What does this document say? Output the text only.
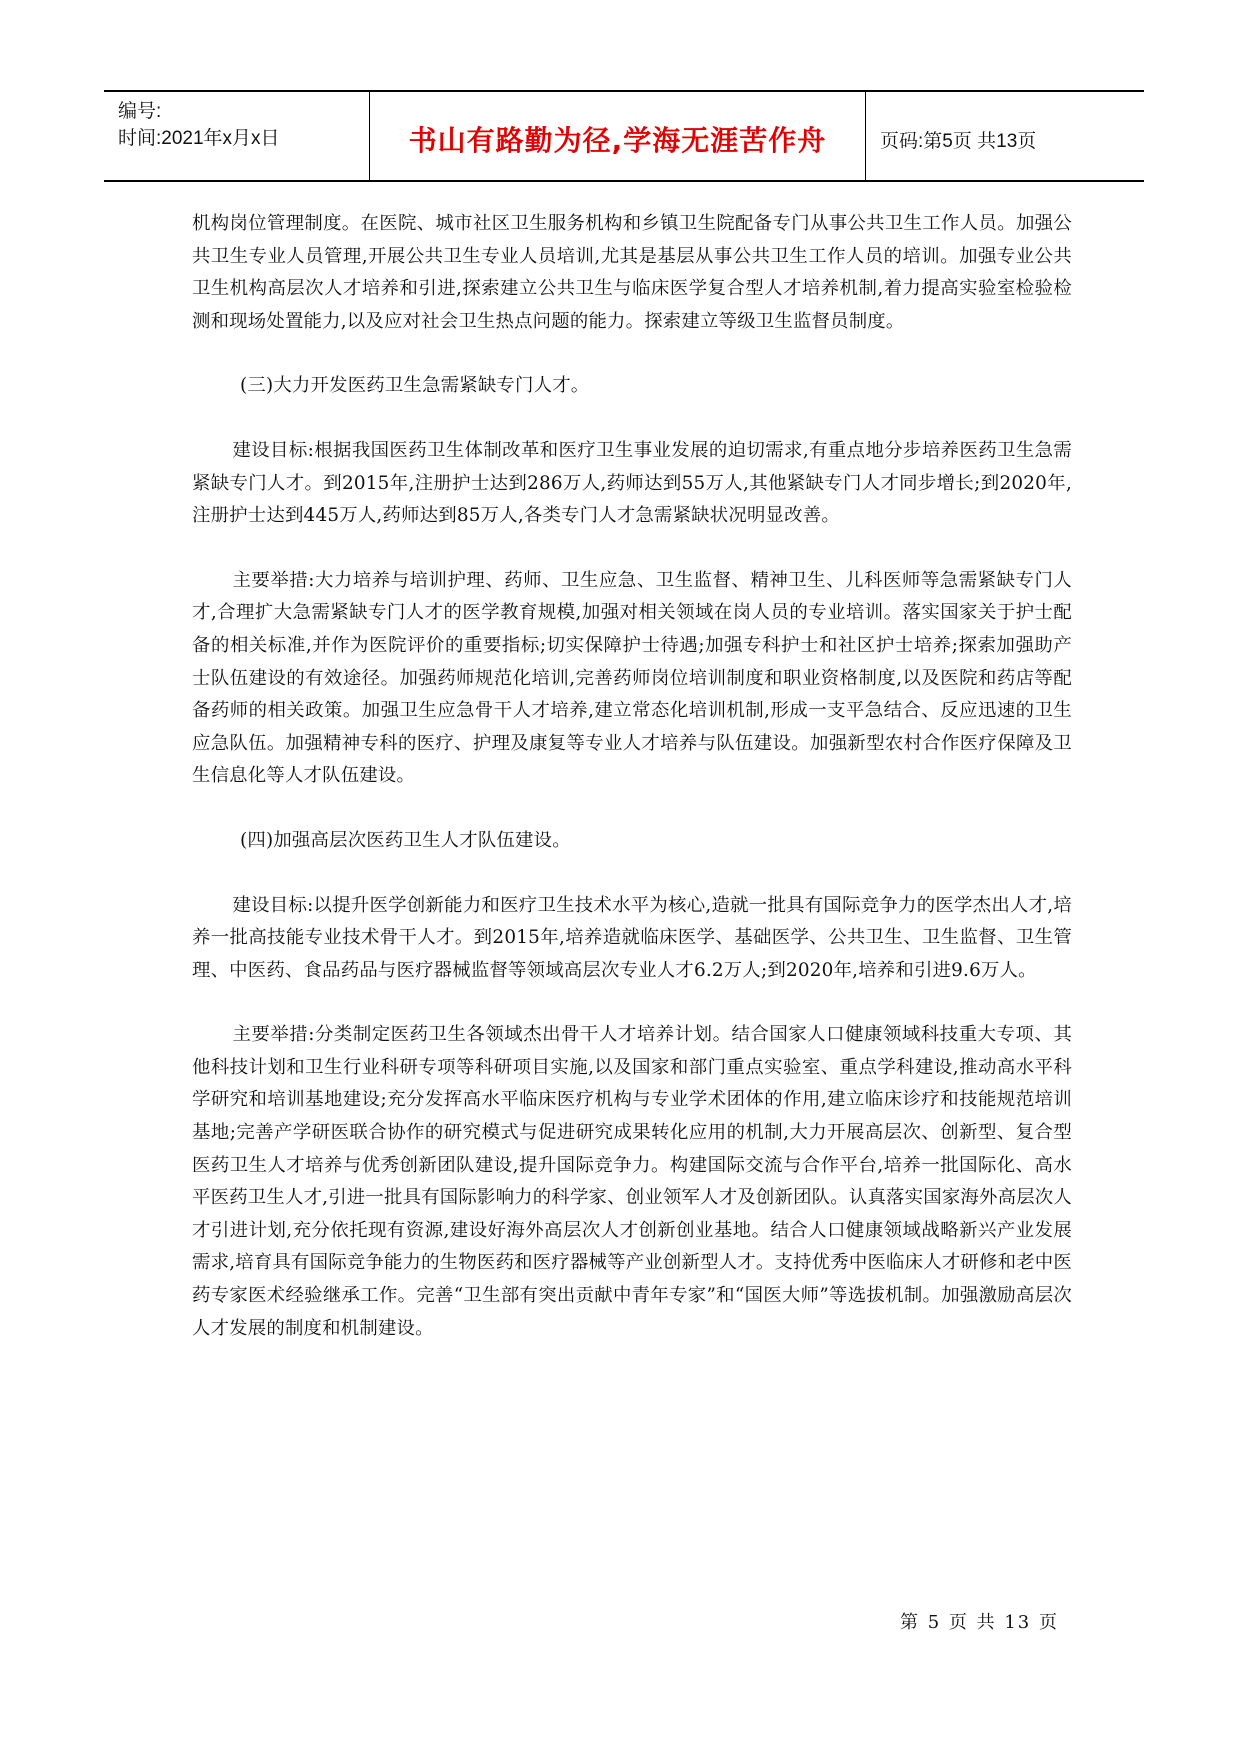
编号:
时间:2021年x月x日	书山有路勤为径,学海无涯苦作舟	页码:第5页 共13页

机构岗位管理制度。在医院、城市社区卫生服务机构和乡镇卫生院配备专门从事公共卫生工作人员。加强公共卫生专业人员管理,开展公共卫生专业人员培训,尤其是基层从事公共卫生工作人员的培训。加强专业公共卫生机构高层次人才培养和引进,探索建立公共卫生与临床医学复合型人才培养机制,着力提高实验室检验检测和现场处置能力,以及应对社会卫生热点问题的能力。探索建立等级卫生监督员制度。

(三)大力开发医药卫生急需紧缺专门人才。

建设目标:根据我国医药卫生体制改革和医疗卫生事业发展的迫切需求,有重点地分步培养医药卫生急需紧缺专门人才。到2015年,注册护士达到286万人,药师达到55万人,其他紧缺专门人才同步增长;到2020年,注册护士达到445万人,药师达到85万人,各类专门人才急需紧缺状况明显改善。

主要举措:大力培养与培训护理、药师、卫生应急、卫生监督、精神卫生、儿科医师等急需紧缺专门人才,合理扩大急需紧缺专门人才的医学教育规模,加强对相关领域在岗人员的专业培训。落实国家关于护士配备的相关标准,并作为医院评价的重要指标;切实保障护士待遇;加强专科护士和社区护士培养;探索加强助产士队伍建设的有效途径。加强药师规范化培训,完善药师岗位培训制度和职业资格制度,以及医院和药店等配备药师的相关政策。加强卫生应急骨干人才培养,建立常态化培训机制,形成一支平急结合、反应迅速的卫生应急队伍。加强精神专科的医疗、护理及康复等专业人才培养与队伍建设。加强新型农村合作医疗保障及卫生信息化等人才队伍建设。

(四)加强高层次医药卫生人才队伍建设。

建设目标:以提升医学创新能力和医疗卫生技术水平为核心,造就一批具有国际竞争力的医学杰出人才,培养一批高技能专业技术骨干人才。到2015年,培养造就临床医学、基础医学、公共卫生、卫生监督、卫生管理、中医药、食品药品与医疗器械监督等领域高层次专业人才6.2万人;到2020年,培养和引进9.6万人。

主要举措:分类制定医药卫生各领域杰出骨干人才培养计划。结合国家人口健康领域科技重大专项、其他科技计划和卫生行业科研专项等科研项目实施,以及国家和部门重点实验室、重点学科建设,推动高水平科学研究和培训基地建设;充分发挥高水平临床医疗机构与专业学术团体的作用,建立临床诊疗和技能规范培训基地;完善产学研医联合协作的研究模式与促进研究成果转化应用的机制,大力开展高层次、创新型、复合型医药卫生人才培养与优秀创新团队建设,提升国际竞争力。构建国际交流与合作平台,培养一批国际化、高水平医药卫生人才,引进一批具有国际影响力的科学家、创业领军人才及创新团队。认真落实国家海外高层次人才引进计划,充分依托现有资源,建设好海外高层次人才创新创业基地。结合人口健康领域战略新兴产业发展需求,培育具有国际竞争能力的生物医药和医疗器械等产业创新型人才。支持优秀中医临床人才研修和老中医药专家医术经验继承工作。完善“卫生部有突出贡献中青年专家”和“国医大师”等选拔机制。加强激励高层次人才发展的制度和机制建设。

第 5 页 共 13 页
